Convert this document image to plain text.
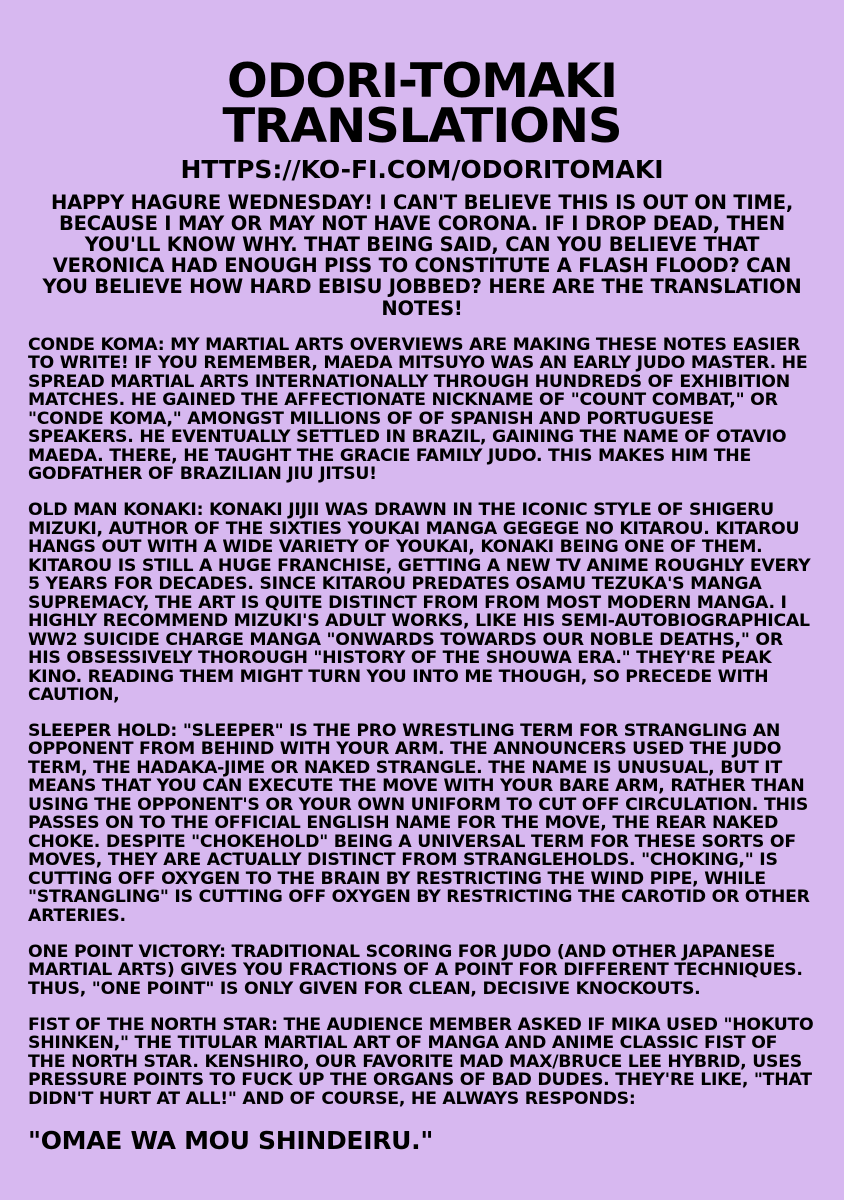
ODORI-TOMAKI
TRANSLATIONS
HTTPS://KO-FI.COM/ODORITOMAKI
HAPPY HAGURE WEDNESDAY! I CAN'T BELIEVE THIS IS OUT ON TIME, BECAUSE I MAY OR MAY NOT HAVE CORONA. IF I DROP DEAD, THEN YOU'LL KNOW WHY. THAT BEING SAID, CAN YOU BELIEVE THAT VERONICA HAD ENOUGH PISS TO CONSTITUTE A FLASH FLOOD? CAN YOU BELIEVE HOW HARD EBISU JOBBED? HERE ARE THE TRANSLATION NOTES!

CONDE KOMA: MY MARTIAL ARTS OVERVIEWS ARE MAKING THESE NOTES EASIER TO WRITE! IF YOU REMEMBER, MAEDA MITSUYO WAS AN EARLY JUDO MASTER. HE SPREAD MARTIAL ARTS INTERNATIONALLY THROUGH HUNDREDS OF EXHIBITION MATCHES. HE GAINED THE AFFECTIONATE NICKNAME OF "COUNT COMBAT," OR "CONDE KOMA," AMONGST MILLIONS OF OF SPANISH AND PORTUGUESE SPEAKERS. HE EVENTUALLY SETTLED IN BRAZIL, GAINING THE NAME OF OTAVIO MAEDA. THERE, HE TAUGHT THE GRACIE FAMILY JUDO. THIS MAKES HIM THE GODFATHER OF BRAZILIAN JIU JITSU!

OLD MAN KONAKI: KONAKI JIJII WAS DRAWN IN THE ICONIC STYLE OF SHIGERU MIZUKI, AUTHOR OF THE SIXTIES YOUKAI MANGA GEGEGE NO KITAROU. KITAROU HANGS OUT WITH A WIDE VARIETY OF YOUKAI, KONAKI BEING ONE OF THEM. KITAROU IS STILL A HUGE FRANCHISE, GETTING A NEW TV ANIME ROUGHLY EVERY 5 YEARS FOR DECADES. SINCE KITAROU PREDATES OSAMU TEZUKA'S MANGA SUPREMACY, THE ART IS QUITE DISTINCT FROM FROM MOST MODERN MANGA. I HIGHLY RECOMMEND MIZUKI'S ADULT WORKS, LIKE HIS SEMI-AUTOBIOGRAPHICAL WW2 SUICIDE CHARGE MANGA "ONWARDS TOWARDS OUR NOBLE DEATHS," OR HIS OBSESSIVELY THOROUGH "HISTORY OF THE SHOUWA ERA." THEY'RE PEAK KINO. READING THEM MIGHT TURN YOU INTO ME THOUGH, SO PRECEDE WITH CAUTION,

SLEEPER HOLD: "SLEEPER" IS THE PRO WRESTLING TERM FOR STRANGLING AN OPPONENT FROM BEHIND WITH YOUR ARM. THE ANNOUNCERS USED THE JUDO TERM, THE HADAKA-JIME OR NAKED STRANGLE. THE NAME IS UNUSUAL, BUT IT MEANS THAT YOU CAN EXECUTE THE MOVE WITH YOUR BARE ARM, RATHER THAN USING THE OPPONENT'S OR YOUR OWN UNIFORM TO CUT OFF CIRCULATION. THIS PASSES ON TO THE OFFICIAL ENGLISH NAME FOR THE MOVE, THE REAR NAKED CHOKE. DESPITE "CHOKEHOLD" BEING A UNIVERSAL TERM FOR THESE SORTS OF MOVES, THEY ARE ACTUALLY DISTINCT FROM STRANGLEHOLDS. "CHOKING," IS CUTTING OFF OXYGEN TO THE BRAIN BY RESTRICTING THE WIND PIPE, WHILE "STRANGLING" IS CUTTING OFF OXYGEN BY RESTRICTING THE CAROTID OR OTHER ARTERIES.

ONE POINT VICTORY: TRADITIONAL SCORING FOR JUDO (AND OTHER JAPANESE MARTIAL ARTS) GIVES YOU FRACTIONS OF A POINT FOR DIFFERENT TECHNIQUES. THUS, "ONE POINT" IS ONLY GIVEN FOR CLEAN, DECISIVE KNOCKOUTS.

FIST OF THE NORTH STAR: THE AUDIENCE MEMBER ASKED IF MIKA USED "HOKUTO SHINKEN," THE TITULAR MARTIAL ART OF MANGA AND ANIME CLASSIC FIST OF THE NORTH STAR. KENSHIRO, OUR FAVORITE MAD MAX/BRUCE LEE HYBRID, USES PRESSURE POINTS TO FUCK UP THE ORGANS OF BAD DUDES. THEY'RE LIKE, "THAT DIDN'T HURT AT ALL!" AND OF COURSE, HE ALWAYS RESPONDS:

"OMAE WA MOU SHINDEIRU."
